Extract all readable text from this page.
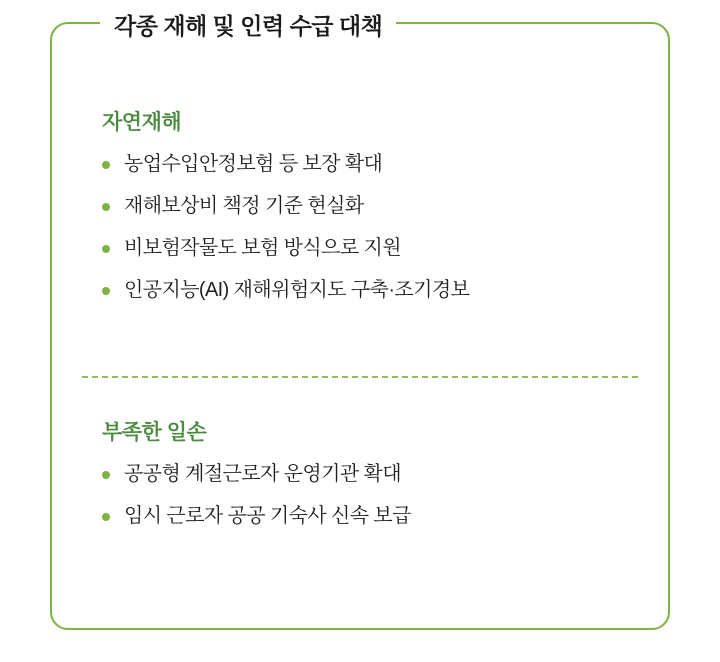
각종 재해 및 인력 수급 대책
자연재해
농업수입안정보험 등 보장 확대
재해보상비 책정 기준 현실화
비보험작물도 보험 방식으로 지원
인공지능(AI) 재해위험지도 구축·조기경보
부족한 일손
공공형 계절근로자 운영기관 확대
임시 근로자 공공 기숙사 신속 보급
